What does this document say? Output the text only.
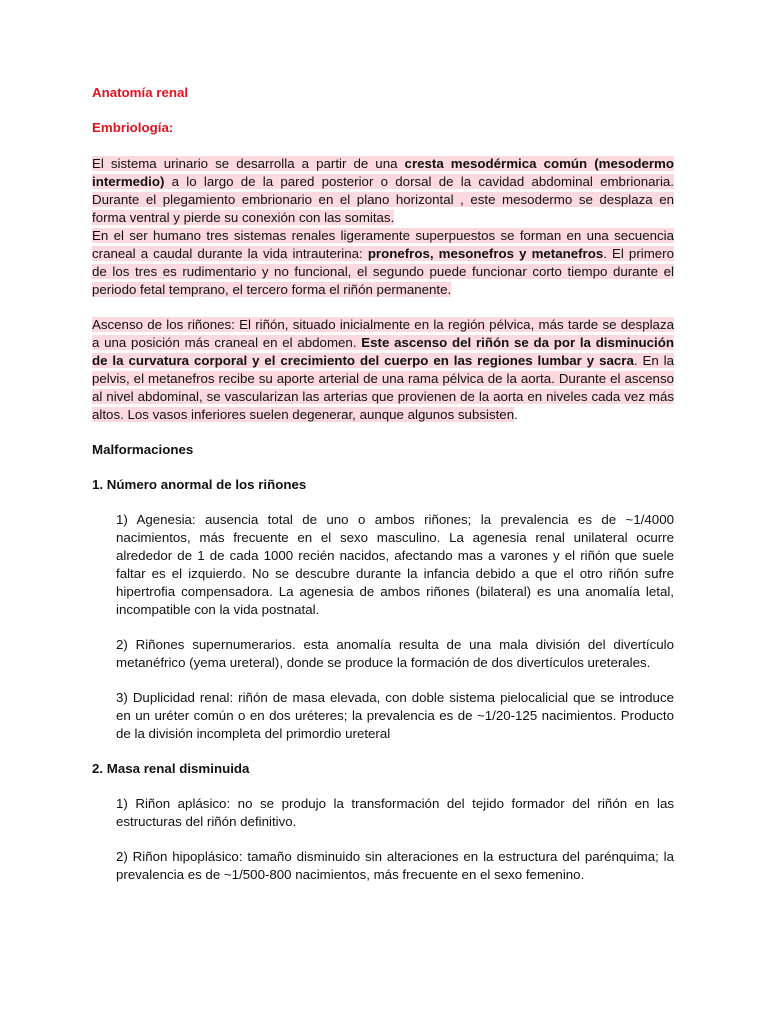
Anatomía renal
Embriología:

El sistema urinario se desarrolla a partir de una cresta mesodérmica común (mesodermo intermedio) a lo largo de la pared posterior o dorsal de la cavidad abdominal embrionaria. Durante el plegamiento embrionario en el plano horizontal , este mesodermo se desplaza en forma ventral y pierde su conexión con las somitas.

En el ser humano tres sistemas renales ligeramente superpuestos se forman en una secuencia craneal a caudal durante la vida intrauterina: pronefros, mesonefros y metanefros. El primero de los tres es rudimentario y no funcional, el segundo puede funcionar corto tiempo durante el periodo fetal temprano, el tercero forma el riñón permanente.

Ascenso de los riñones: El riñón, situado inicialmente en la región pélvica, más tarde se desplaza a una posición más craneal en el abdomen. Este ascenso del riñón se da por la disminución de la curvatura corporal y el crecimiento del cuerpo en las regiones lumbar y sacra. En la pelvis, el metanefros recibe su aporte arterial de una rama pélvica de la aorta. Durante el ascenso al nivel abdominal, se vascularizan las arterias que provienen de la aorta en niveles cada vez más altos. Los vasos inferiores suelen degenerar, aunque algunos subsisten.

Malformaciones
1. Número anormal de los riñones

1) Agenesia: ausencia total de uno o ambos riñones; la prevalencia es de ~1/4000 nacimientos, más frecuente en el sexo masculino. La agenesia renal unilateral ocurre alrededor de 1 de cada 1000 recién nacidos, afectando mas a varones y el riñón que suele faltar es el izquierdo. No se descubre durante la infancia debido a que el otro riñón sufre hipertrofia compensadora. La agenesia de ambos riñones (bilateral) es una anomalía letal, incompatible con la vida postnatal.

2) Riñones supernumerarios. esta anomalía resulta de una mala división del divertículo metanéfrico (yema ureteral), donde se produce la formación de dos divertículos ureterales.

3) Duplicidad renal: riñón de masa elevada, con doble sistema pielocalicial que se introduce en un uréter común o en dos uréteres; la prevalencia es de ~1/20-125 nacimientos. Producto de la división incompleta del primordio ureteral

2. Masa renal disminuida

1) Riñon aplásico: no se produjo la transformación del tejido formador del riñón en las estructuras del riñón definitivo.

2) Riñon hipoplásico: tamaño disminuido sin alteraciones en la estructura del parénquima; la prevalencia es de ~1/500-800 nacimientos, más frecuente en el sexo femenino.
